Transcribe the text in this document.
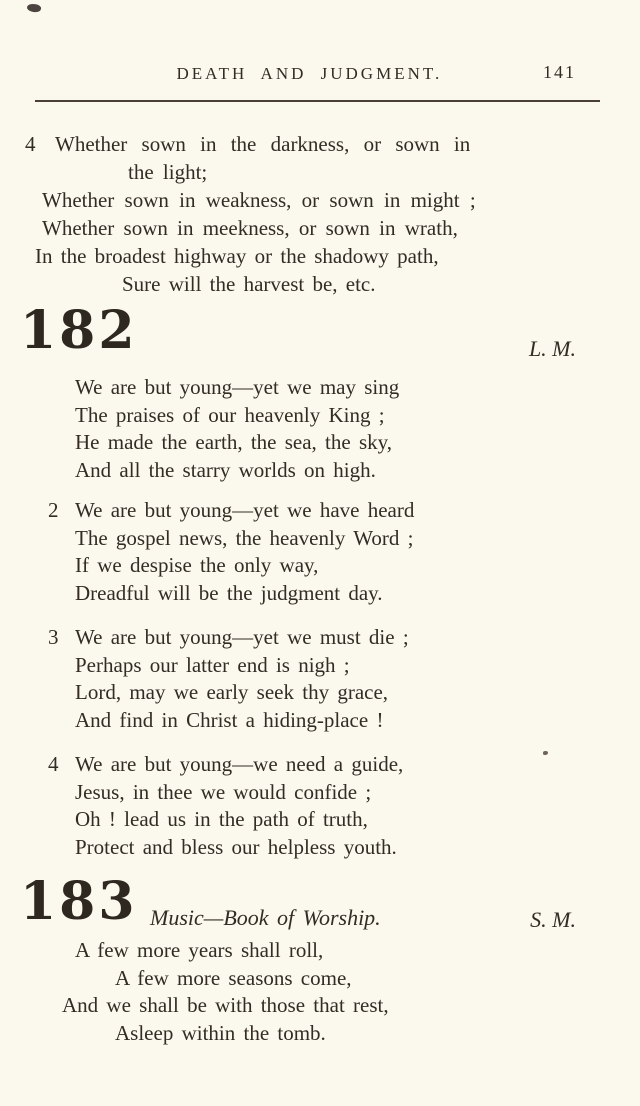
DEATH AND JUDGMENT.	141
4 Whether sown in the darkness, or sown in
the light;
Whether sown in weakness, or sown in might ;
Whether sown in meekness, or sown in wrath,
In the broadest highway or the shadowy path,
Sure will the harvest be, etc.
182	L. M.
We are but young—yet we may sing
The praises of our heavenly King ;
He made the earth, the sea, the sky,
And all the starry worlds on high.
2 We are but young—yet we have heard
The gospel news, the heavenly Word ;
If we despise the only way,
Dreadful will be the judgment day.
3 We are but young—yet we must die ;
Perhaps our latter end is nigh ;
Lord, may we early seek thy grace,
And find in Christ a hiding-place !
4 We are but young—we need a guide,
Jesus, in thee we would confide ;
Oh ! lead us in the path of truth,
Protect and bless our helpless youth.
183 Music—Book of Worship.	S. M.
A few more years shall roll,
A few more seasons come,
And we shall be with those that rest,
Asleep within the tomb.
